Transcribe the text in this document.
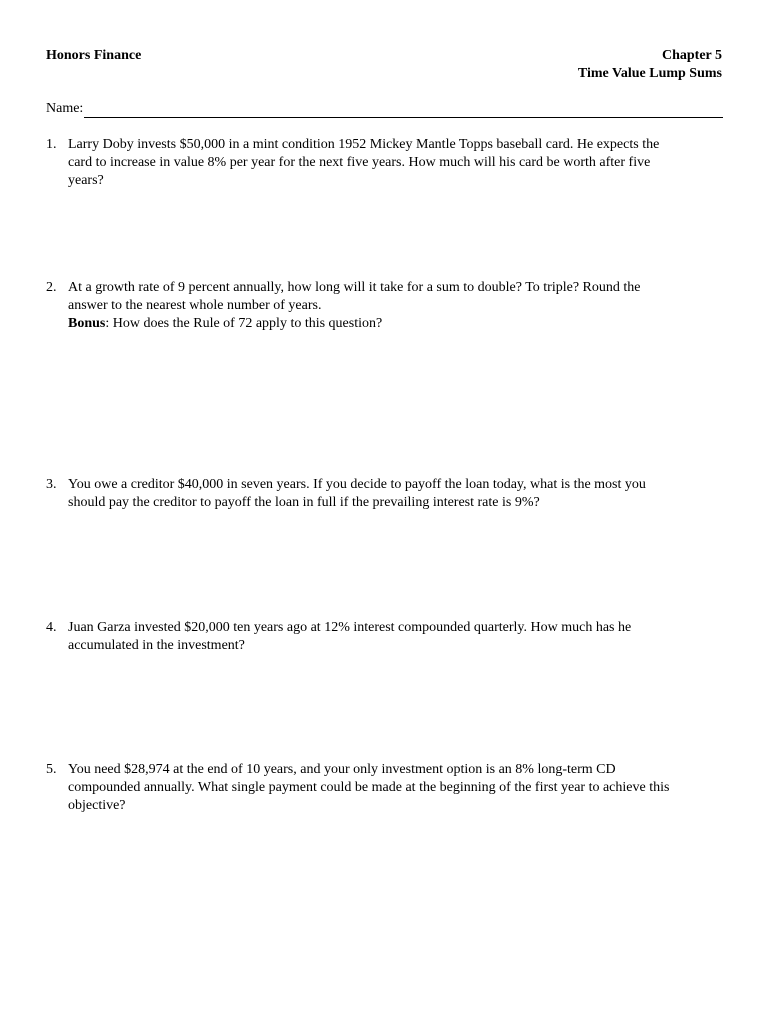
Honors Finance	Chapter 5
Time Value Lump Sums
Name:
1. Larry Doby invests $50,000 in a mint condition 1952 Mickey Mantle Topps baseball card. He expects the
card to increase in value 8% per year for the next five years. How much will his card be worth after five
years?
2. At a growth rate of 9 percent annually, how long will it take for a sum to double? To triple? Round the
answer to the nearest whole number of years.
Bonus: How does the Rule of 72 apply to this question?
3. You owe a creditor $40,000 in seven years. If you decide to payoff the loan today, what is the most you
should pay the creditor to payoff the loan in full if the prevailing interest rate is 9%?
4. Juan Garza invested $20,000 ten years ago at 12% interest compounded quarterly. How much has he
accumulated in the investment?
5. You need $28,974 at the end of 10 years, and your only investment option is an 8% long-term CD
compounded annually. What single payment could be made at the beginning of the first year to achieve this
objective?
